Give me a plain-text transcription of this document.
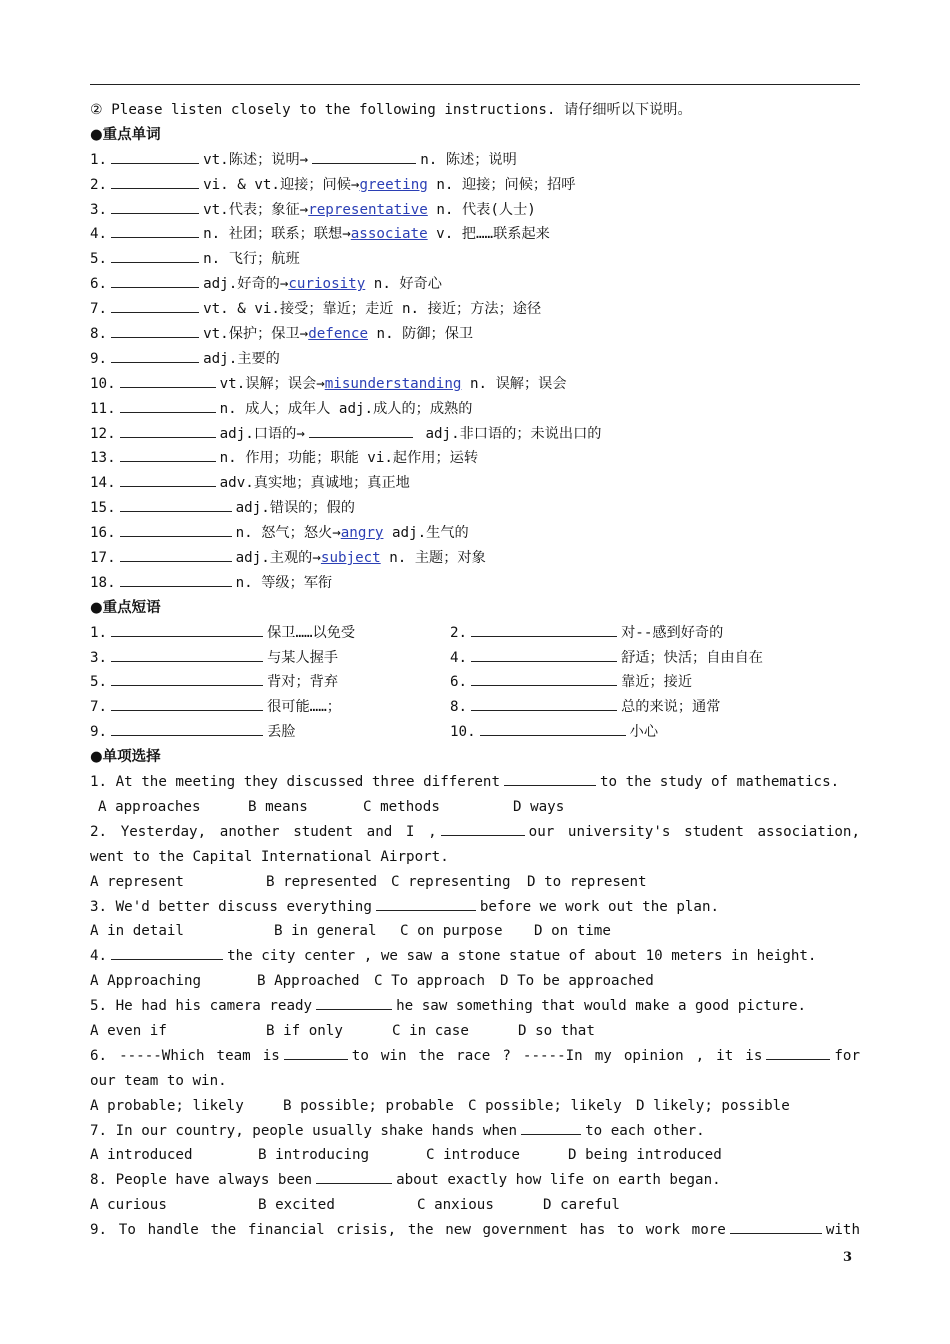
② Please listen closely to the following instructions. 请仔细听以下说明。
●重点单词
1.	vt.陈述；说明→	n. 陈述；说明
2.	vi. & vt.迎接；问候→greeting n. 迎接；问候；招呼
3.	vt.代表；象征→representative n. 代表(人士)
4.	n. 社团；联系；联想→associate v. 把……联系起来
5.	n. 飞行；航班
6.	adj.好奇的→curiosity n. 好奇心
7.	vt. & vi.接受；靠近；走近 n. 接近；方法；途径
8.	vt.保护；保卫→defence n. 防御；保卫
9.	adj.主要的
10.	vt.误解；误会→misunderstanding n. 误解；误会
11.	n. 成人；成年人 adj.成人的；成熟的
12.	adj.口语的→	adj.非口语的；未说出口的
13.	n. 作用；功能；职能 vi.起作用；运转
14.	adv.真实地；真诚地；真正地
15.	adj.错误的；假的
16.	n. 怒气；怒火→angry adj.生气的
17.	adj.主观的→subject n. 主题；对象
18.	n. 等级；军衔
●重点短语
1.	保卫……以免受	2.	对--感到好奇的
3.	与某人握手	4.	舒适；快活；自由自在
5.	背对；背弃	6.	靠近；接近
7.	很可能……；	8.	总的来说；通常
9.	丢脸	10.	小心
●单项选择
1. At the meeting they discussed three different	to the study of mathematics.
A approaches	B means	C methods	D ways
2. Yesterday, another student and I ,	our university's student association,
went to the Capital International Airport.
A represent	B represented C representing D to represent
3. We'd better discuss everything	before we work out the plan.
A in detail	B in general C on purpose D on time
4.	the city center , we saw a stone statue of about 10 meters in height.
A Approaching	B Approached C To approach D To be approached
5. He had his camera ready	he saw something that would make a good picture.
A even if	B if only	C in case	D so that
6. -----Which team is	to win the race ? -----In my opinion , it is	for
our team to win.
A probable; likely	B possible; probable C possible; likely D likely; possible
7. In our country, people usually shake hands when	to each other.
A introduced	B introducing	C introduce	D being introduced
8. People have always been	about exactly how life on earth began.
A curious	B excited	C anxious	D careful
9. To handle the financial crisis, the new government has to work more	with
3
